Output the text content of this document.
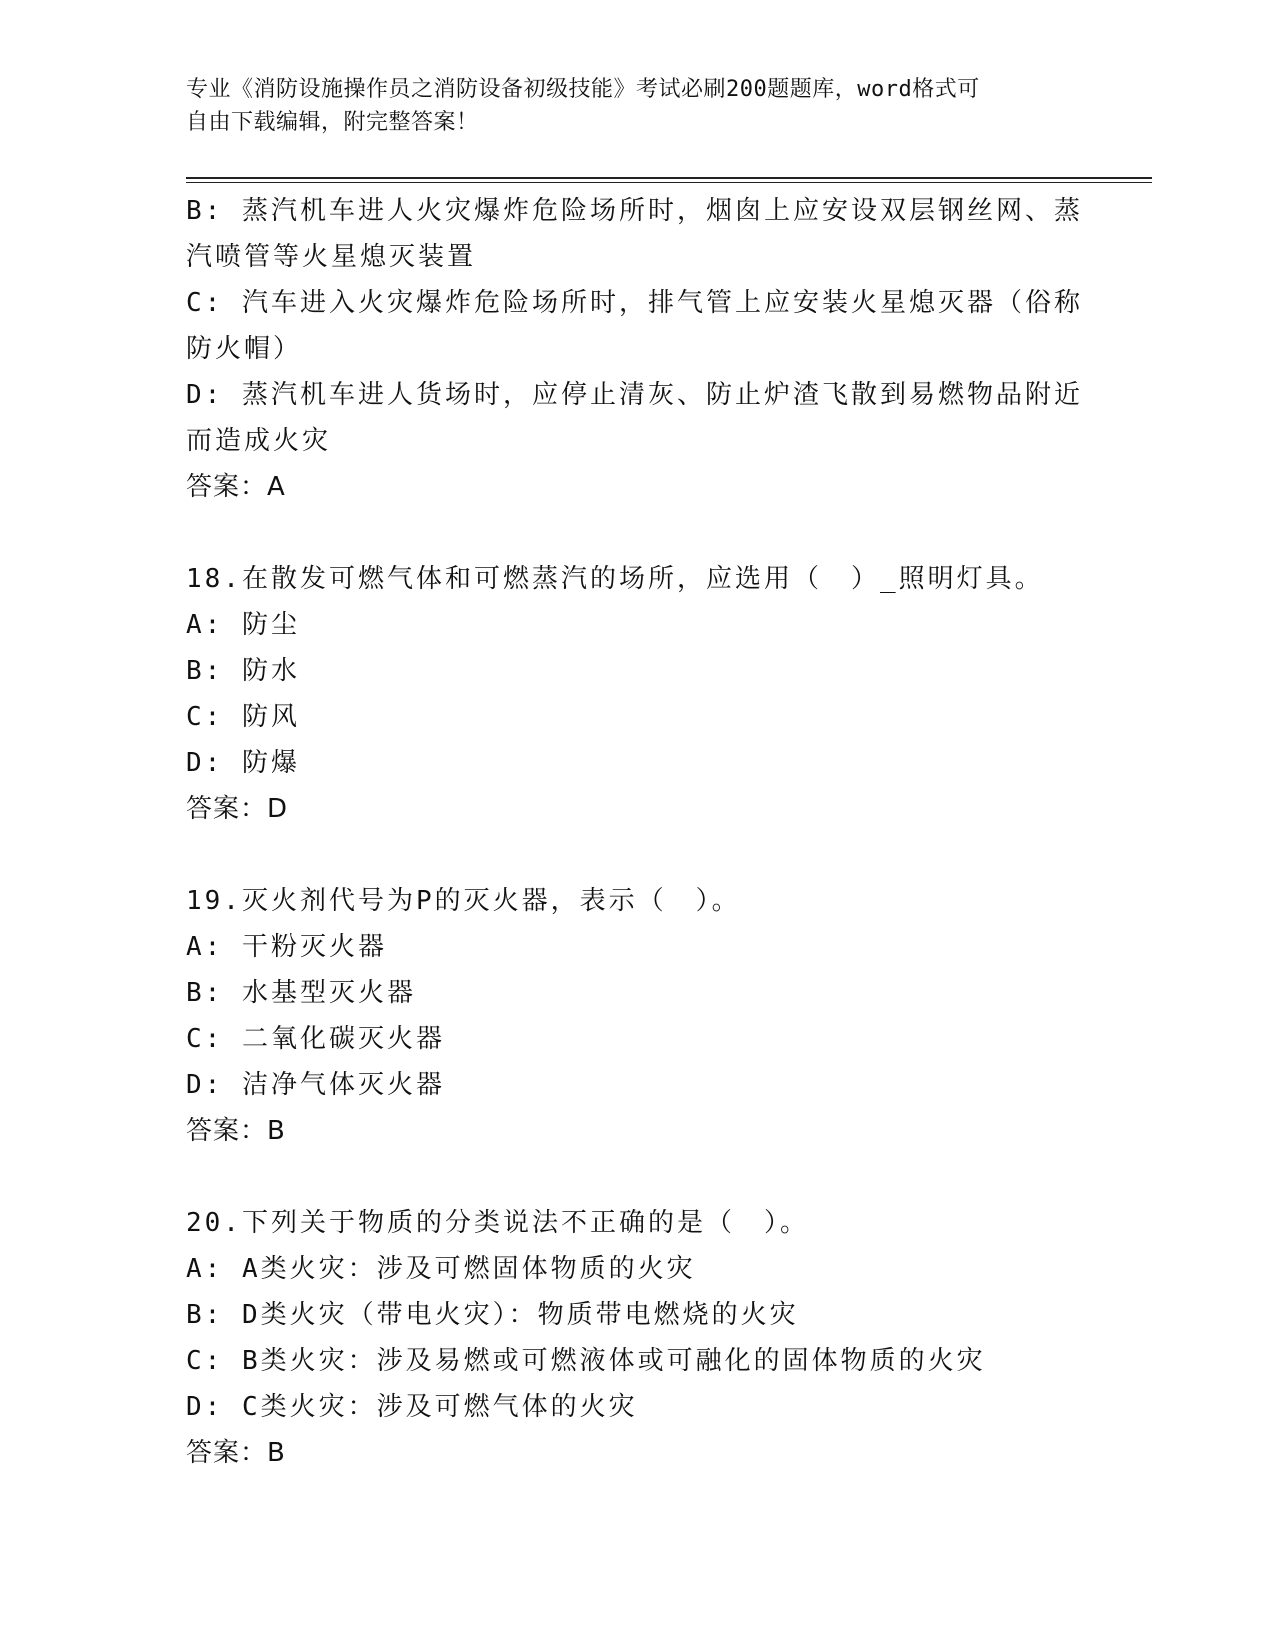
专业《消防设施操作员之消防设备初级技能》考试必刷200题题库，word格式可
自由下载编辑，附完整答案！
B: 蒸汽机车进人火灾爆炸危险场所时，烟囱上应安设双层钢丝网、蒸
汽喷管等火星熄灭装置
C: 汽车进入火灾爆炸危险场所时，排气管上应安装火星熄灭器（俗称
防火帽）
D: 蒸汽机车进人货场时，应停止清灰、防止炉渣飞散到易燃物品附近
而造成火灾
答案：A
18.在散发可燃气体和可燃蒸汽的场所，应选用（　）_照明灯具。
A: 防尘
B: 防水
C: 防风
D: 防爆
答案：D
19.灭火剂代号为P的灭火器，表示（　）。
A: 干粉灭火器
B: 水基型灭火器
C: 二氧化碳灭火器
D: 洁净气体灭火器
答案：B
20.下列关于物质的分类说法不正确的是（　）。
A: A类火灾：涉及可燃固体物质的火灾
B: D类火灾（带电火灾）：物质带电燃烧的火灾
C: B类火灾：涉及易燃或可燃液体或可融化的固体物质的火灾
D: C类火灾：涉及可燃气体的火灾
答案：B
